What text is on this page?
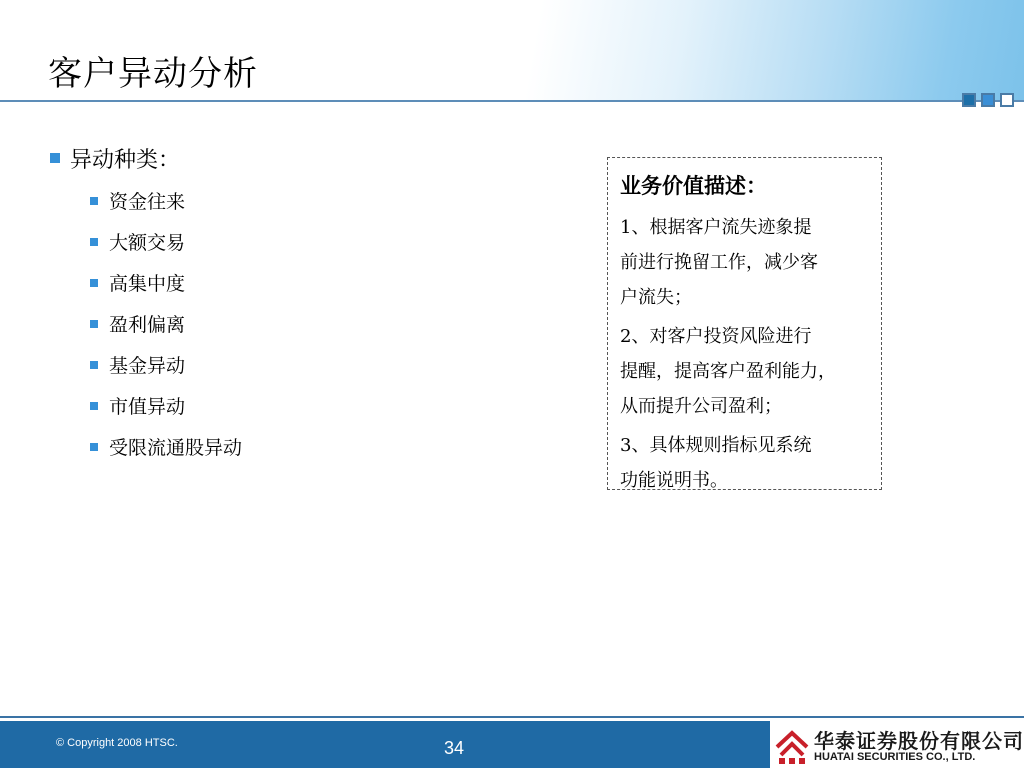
客户异动分析
异动种类：
资金往来
大额交易
高集中度
盈利偏离
基金异动
市值异动
受限流通股异动
业务价值描述：
1、根据客户流失迹象提
前进行挽留工作，减少客
户流失；
2、对客户投资风险进行
提醒，提高客户盈利能力，
从而提升公司盈利；
3、具体规则指标见系统
功能说明书。
© Copyright 2008 HTSC.	34	华泰证券股份有限公司
HUATAI SECURITIES CO., LTD.
